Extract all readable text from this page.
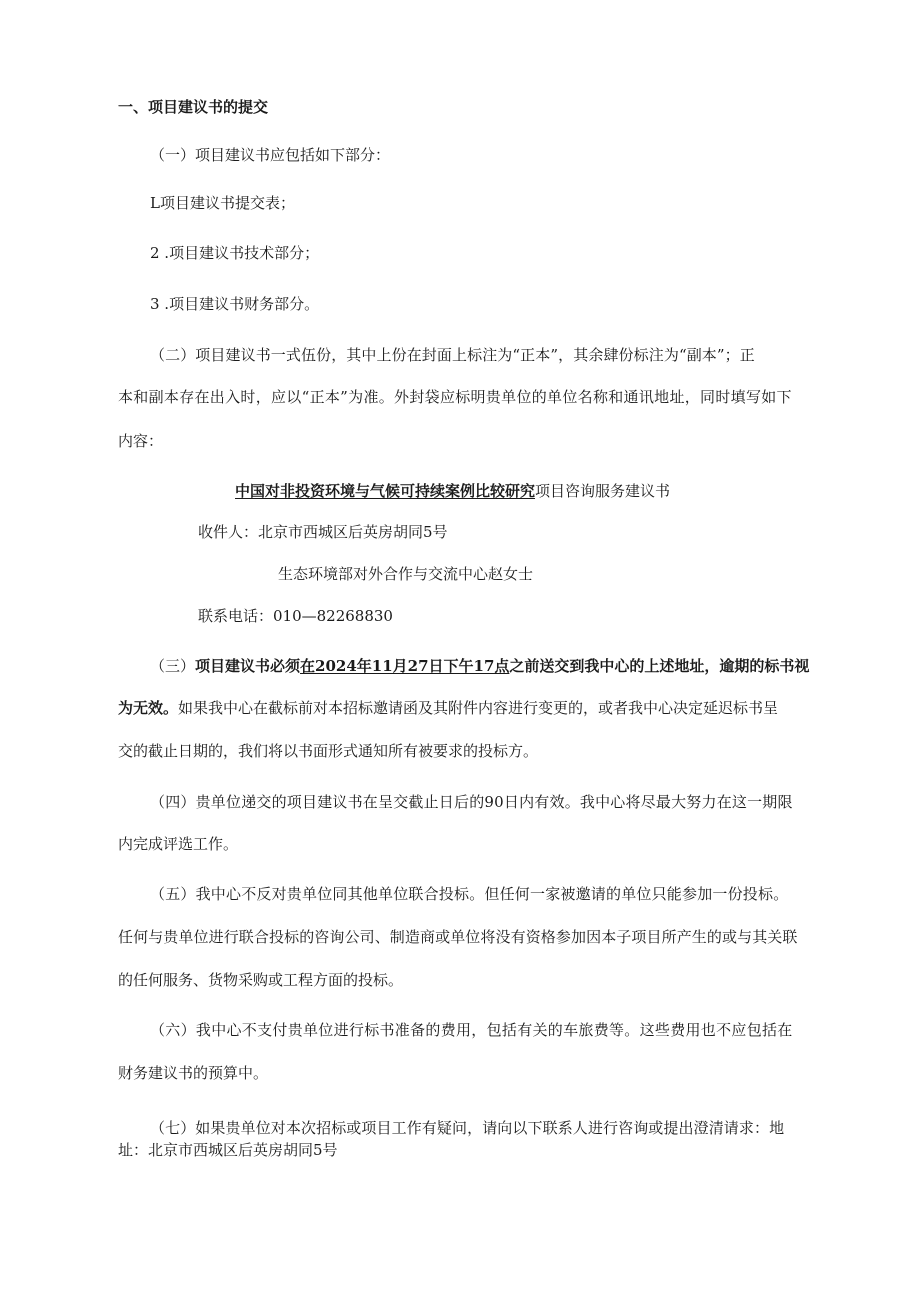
一、项目建议书的提交

（一）项目建议书应包括如下部分：

L项目建议书提交表；

2 .项目建议书技术部分；

3 .项目建议书财务部分。

（二）项目建议书一式伍份，其中上份在封面上标注为“正本”，其余肆份标注为“副本”；正

本和副本存在出入时，应以“正本”为准。外封袋应标明贵单位的单位名称和通讯地址，同时填写如下

内容：

中国对非投资环境与气候可持续案例比较研究项目咨询服务建议书

收件人：北京市西城区后英房胡同5号

生态环境部对外合作与交流中心赵女士

联系电话：010—82268830

（三）项目建议书必须在2024年11月27日下午17点之前送交到我中心的上述地址，逾期的标书视

为无效。如果我中心在截标前对本招标邀请函及其附件内容进行变更的，或者我中心决定延迟标书呈

交的截止日期的，我们将以书面形式通知所有被要求的投标方。

（四）贵单位递交的项目建议书在呈交截止日后的90日内有效。我中心将尽最大努力在这一期限

内完成评选工作。

（五）我中心不反对贵单位同其他单位联合投标。但任何一家被邀请的单位只能参加一份投标。

任何与贵单位进行联合投标的咨询公司、制造商或单位将没有资格参加因本子项目所产生的或与其关联

的任何服务、货物采购或工程方面的投标。

（六）我中心不支付贵单位进行标书准备的费用，包括有关的车旅费等。这些费用也不应包括在

财务建议书的预算中。

（七）如果贵单位对本次招标或项目工作有疑问，请向以下联系人进行咨询或提出澄清请求：地

址：北京市西城区后英房胡同5号
